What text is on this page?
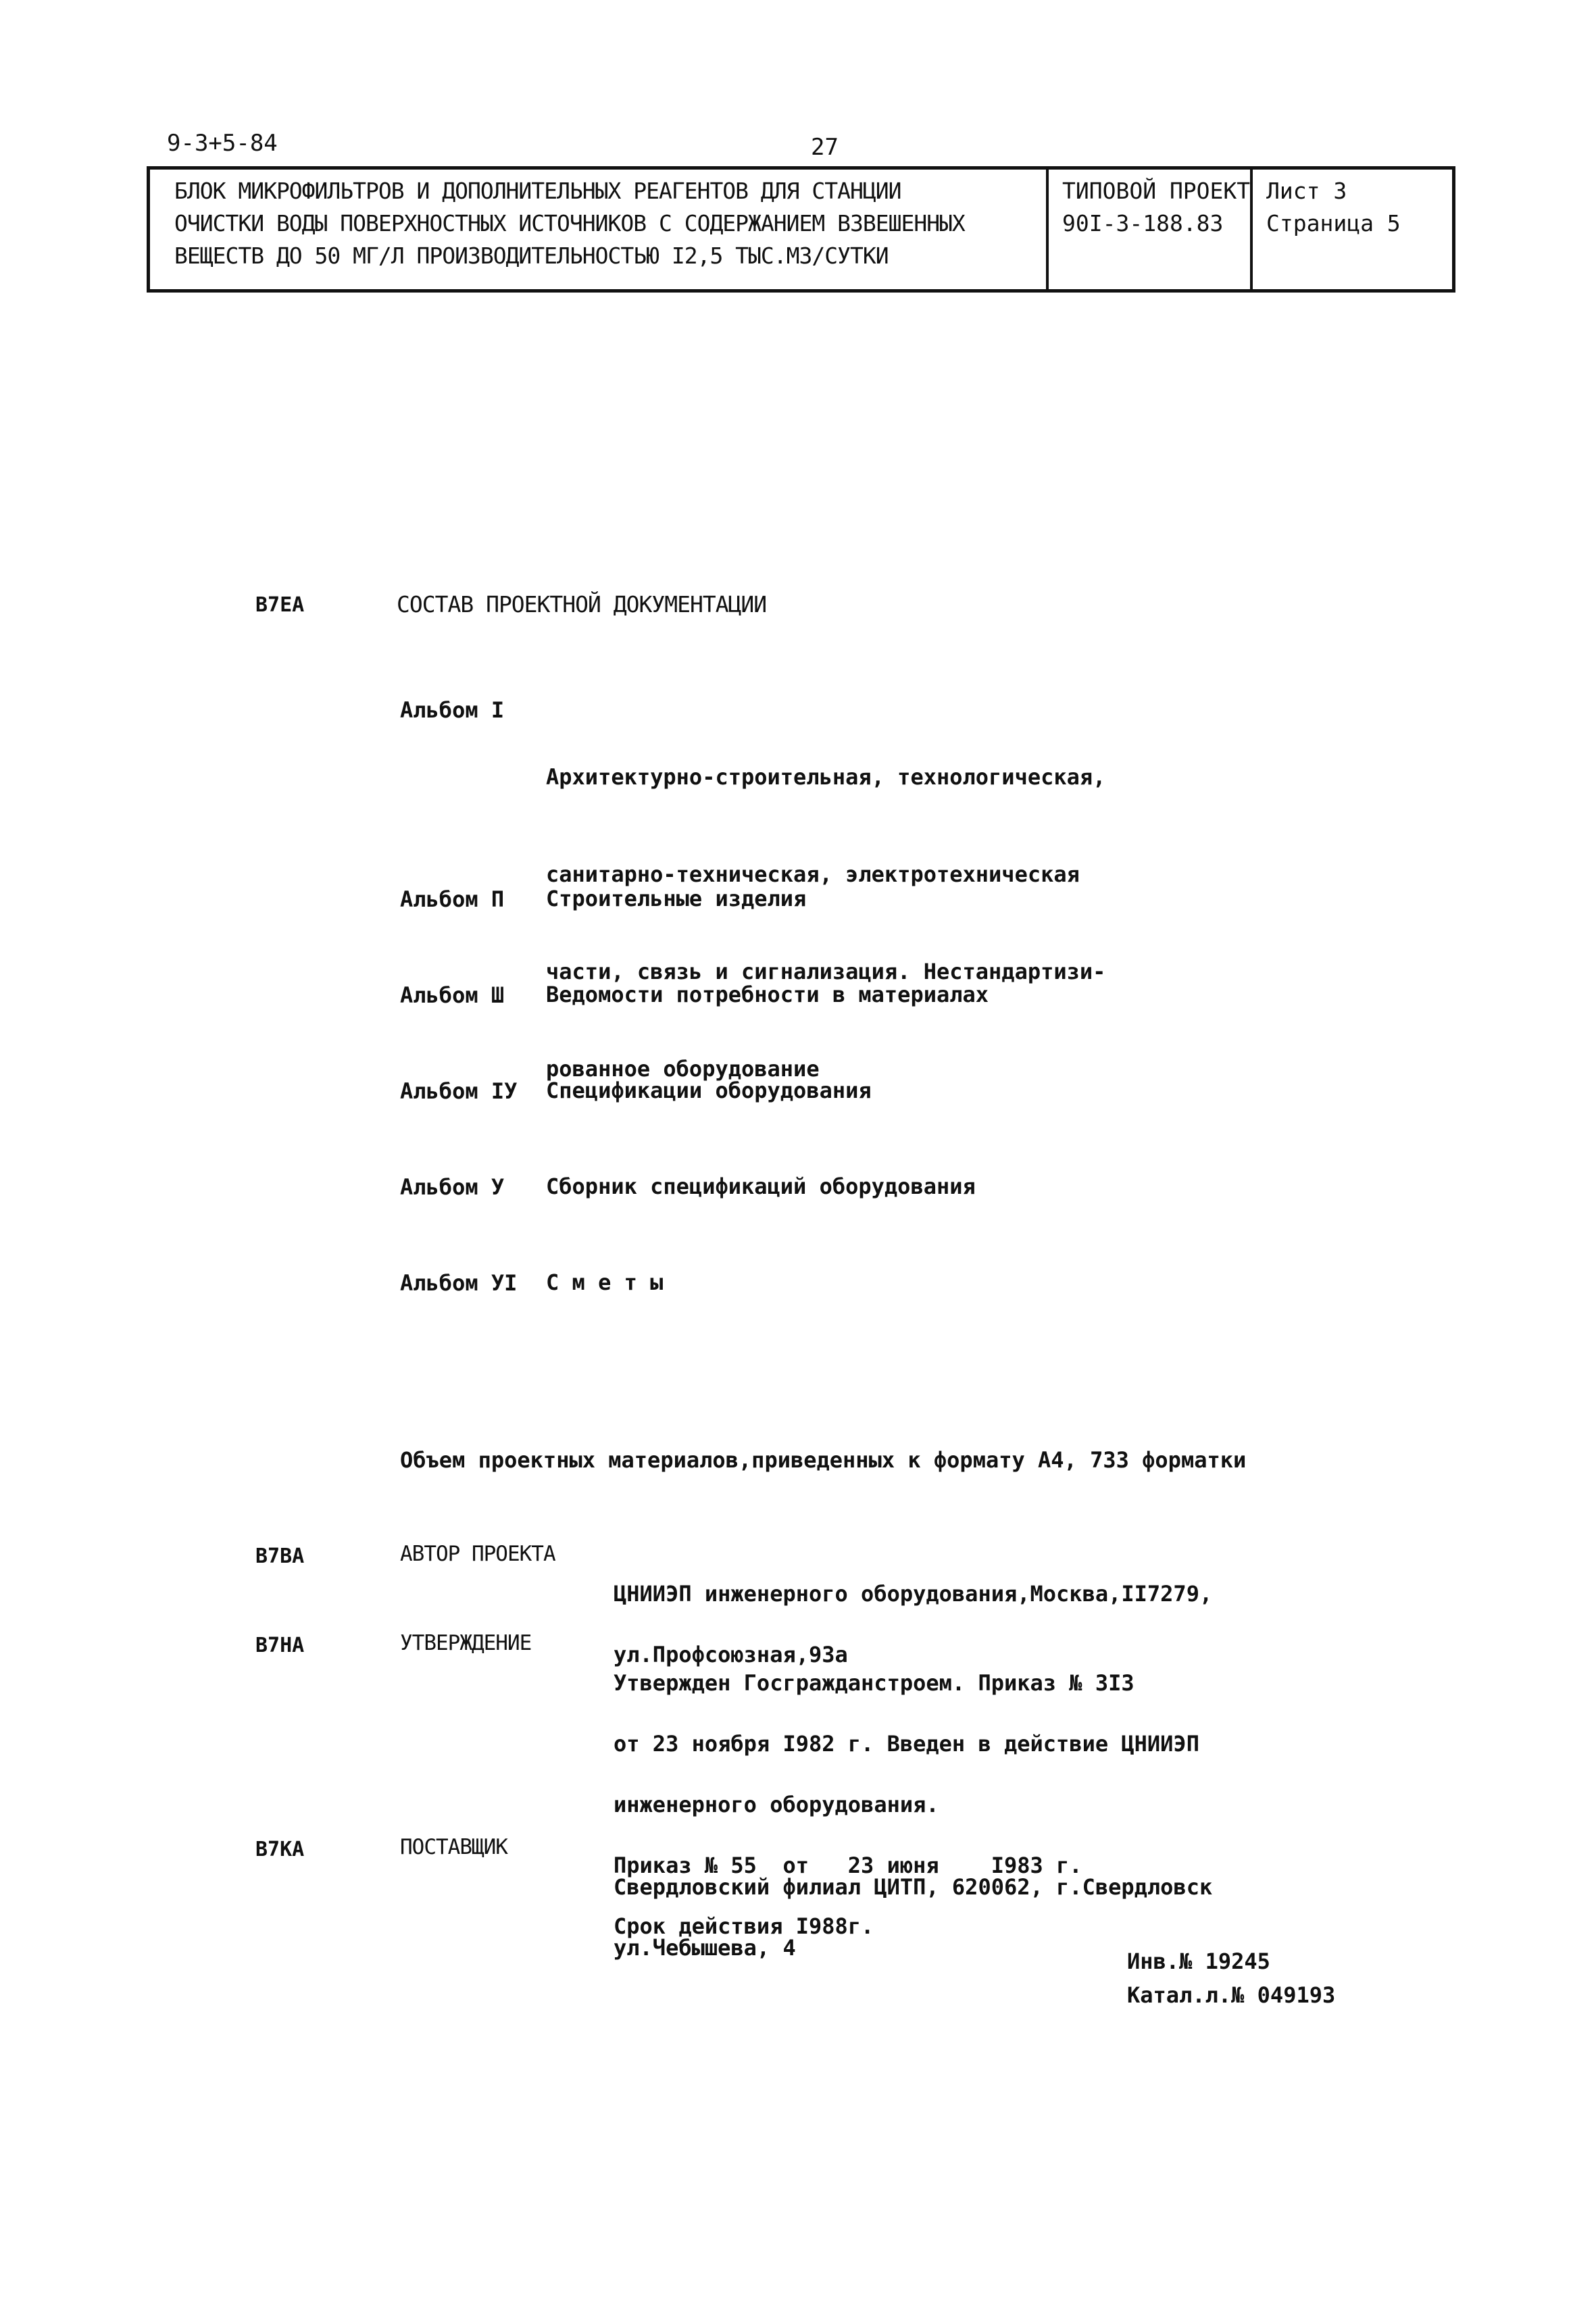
9-3+5-84	27
БЛОК МИКРОФИЛЬТРОВ И ДОПОЛНИТЕЛЬНЫХ РЕАГЕНТОВ ДЛЯ СТАНЦИИ
ОЧИСТКИ ВОДЫ ПОВЕРХНОСТНЫХ ИСТОЧНИКОВ С СОДЕРЖАНИЕМ ВЗВЕШЕННЫХ
ВЕЩЕСТВ ДО 50 МГ/Л ПРОИЗВОДИТЕЛЬНОСТЬЮ I2,5 ТЫС.М3/СУТКИ
ТИПОВОЙ ПРОЕКТ
90I-3-188.83
Лист 3
Страница 5
В7ЕА	СОСТАВ ПРОЕКТНОЙ ДОКУМЕНТАЦИИ
Альбом I

Архитектурно-строительная, технологическая,

санитарно-техническая, электротехническая

части, связь и сигнализация. Нестандартизи-

рованное оборудование

Альбом П Строительные изделия
Альбом Ш Ведомости потребности в материалах
Альбом IУ Спецификации оборудования
Альбом У Сборник спецификаций оборудования
Альбом УI С м е т ы
Объем проектных материалов,приведенных к формату А4, 733 форматки
В7ВА	АВТОР ПРОЕКТА

ЦНИИЭП инженерного оборудования,Москва,II7279,

ул.Профсоюзная,93а

В7НА	УТВЕРЖДЕНИЕ

Утвержден Госгражданстроем. Приказ № 3I3

от 23 ноября I982 г. Введен в действие ЦНИИЭП

инженерного оборудования.

Приказ № 55  от   23 июня    I983 г.

Срок действия I988г.

В7КА	ПОСТАВЩИК

Свердловский филиал ЦИТП, 620062, г.Свердловск

ул.Чебышева, 4

Инв.№ 19245
Катал.л.№ 049193
